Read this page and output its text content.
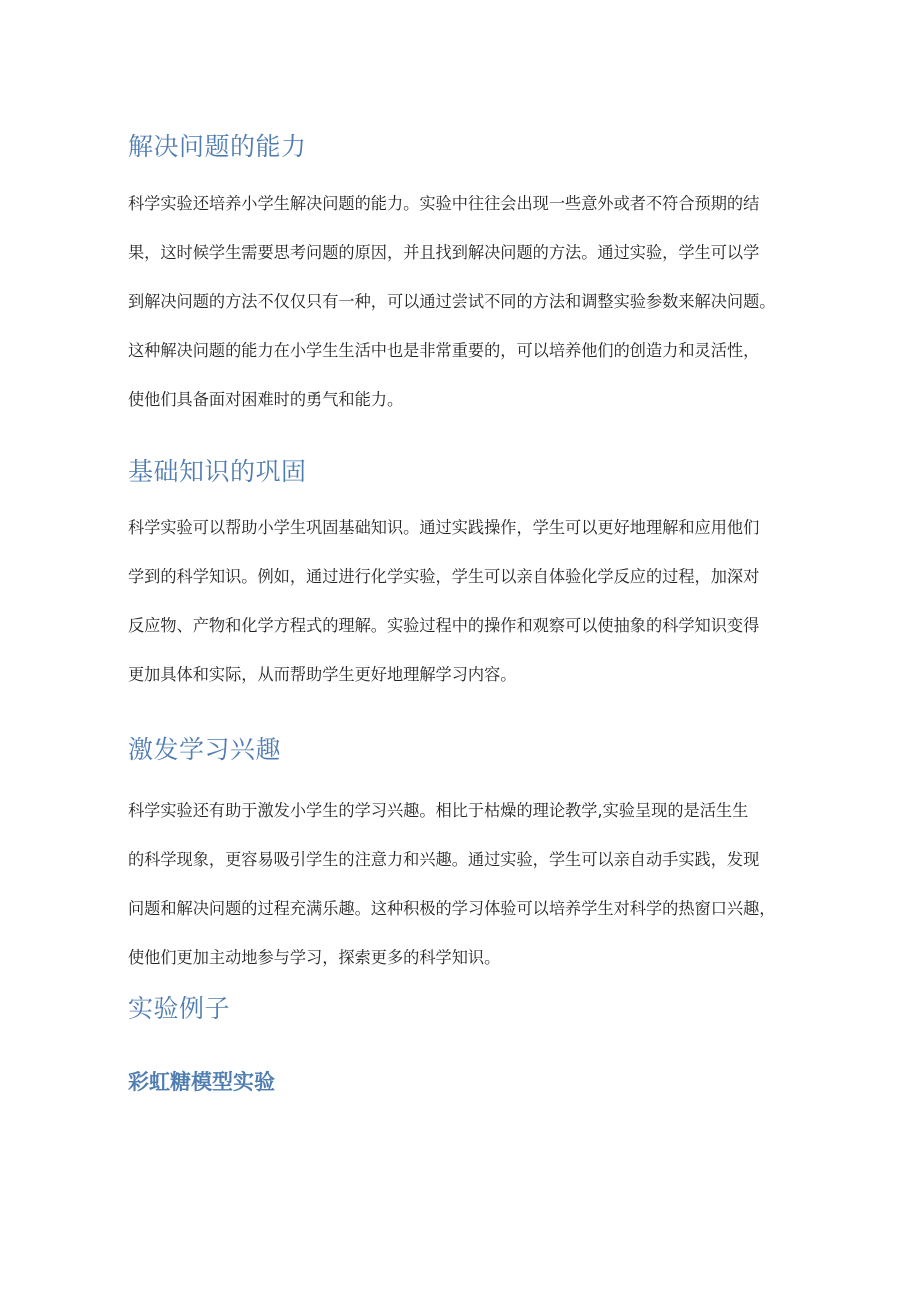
解决问题的能力
科学实验还培养小学生解决问题的能力。实验中往往会出现一些意外或者不符合预期的结
果，这时候学生需要思考问题的原因，并且找到解决问题的方法。通过实验，学生可以学
到解决问题的方法不仅仅只有一种，可以通过尝试不同的方法和调整实验参数来解决问题。
这种解决问题的能力在小学生生活中也是非常重要的，可以培养他们的创造力和灵活性，
使他们具备面对困难时的勇气和能力。
基础知识的巩固
科学实验可以帮助小学生巩固基础知识。通过实践操作，学生可以更好地理解和应用他们
学到的科学知识。例如，通过进行化学实验，学生可以亲自体验化学反应的过程，加深对
反应物、产物和化学方程式的理解。实验过程中的操作和观察可以使抽象的科学知识变得
更加具体和实际，从而帮助学生更好地理解学习内容。
激发学习兴趣
科学实验还有助于激发小学生的学习兴趣。相比于枯燥的理论教学,实验呈现的是活生生
的科学现象，更容易吸引学生的注意力和兴趣。通过实验，学生可以亲自动手实践，发现
问题和解决问题的过程充满乐趣。这种积极的学习体验可以培养学生对科学的热窗口兴趣，
使他们更加主动地参与学习，探索更多的科学知识。
实验例子
彩虹糖模型实验
